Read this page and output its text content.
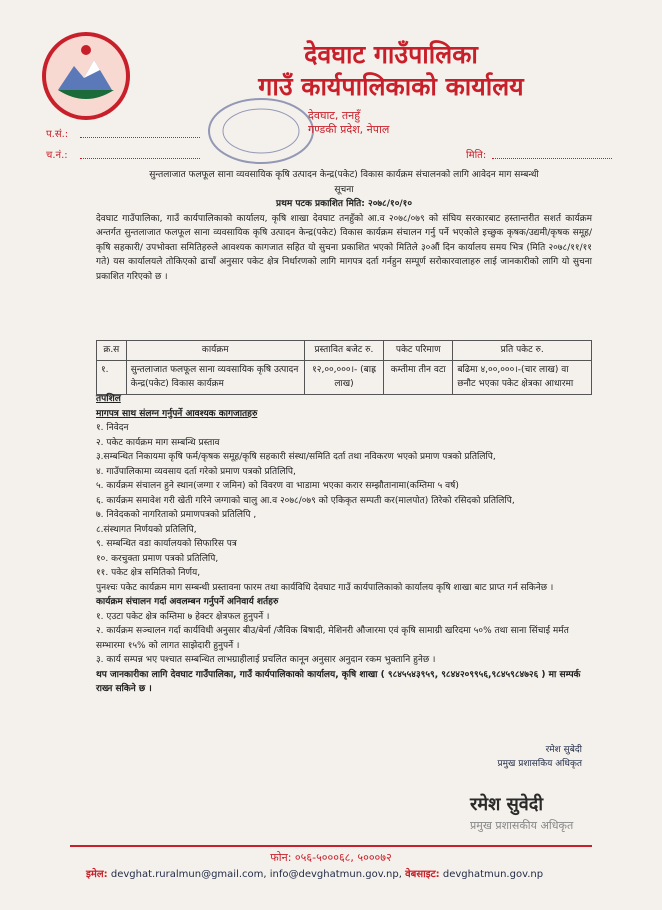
देवघाट गाउँपालिका
गाउँ कार्यपालिकाको कार्यालय
देवघाट, तनहुँ
गण्डकी प्रदेश, नेपाल
प.सं.:
च.नं.:	मिति:
सुन्तलाजात फलफूल साना व्यवसायिक कृषि उत्पादन केन्द्र(पकेट) विकास कार्यक्रम संचालनको लागि आवेदन माग सम्बन्धी
सूचना
प्रथम पटक प्रकाशित मिति: २०७८/१०/१०
देवघाट गाउँपालिका, गाउँ कार्यपालिकाको कार्यालय, कृषि शाखा देवघाट तनहुँको आ.व २०७८/०७९ को संघिय सरकारबाट हस्तान्तरीत सशर्त कार्यक्रम अन्तर्गत सुन्तलाजात फलफूल साना व्यवसायिक कृषि उत्पादन केन्द्र(पकेट) विकास कार्यक्रम संचालन गर्नु पर्ने भएकोले इच्छुक कृषक/उद्यमी/कृषक समूह/कृषि सहकारी/ उपभोक्ता समितिहरुले आवश्यक कागजात सहित यो सुचना प्रकाशित भएको मितिले ३०औं दिन कार्यालय समय भित्र (मिति २०७८/११/११ गते) यस कार्यालयले तोकिएको ढाचाँ अनुसार पकेट क्षेत्र निर्धारणको लागि मागपत्र दर्ता गर्नहुन सम्पूर्ण सरोकारवालाहरु लाई जानकारीको लागि यो सुचना प्रकाशित गरिएको छ ।
क्र.स	कार्यक्रम	प्रस्तावित बजेट रु.	पकेट परिमाण	प्रति पकेट रु.
१.	सुन्तलाजात फलफूल साना व्यवसायिक कृषि उत्पादन केन्द्र(पकेट) विकास कार्यक्रम	१२,००,०००।- (बाह्र लाख)	कम्तीमा तीन वटा	बढिमा ४,००,०००।-(चार लाख) वा छनौट भएका पकेट क्षेत्रका आधारमा
तपशिल
मागपत्र साथ संलग्न गर्नुपर्ने आवश्यक कागजातहरु
१. निवेदन
२. पकेट कार्यक्रम माग सम्बन्धि प्रस्ताव
३.सम्बन्धित निकायमा कृषि फर्म/कृषक समूह/कृषि सहकारी संस्था/समिति दर्ता तथा नविकरण भएको प्रमाण पत्रको प्रतिलिपि,
४. गाउँपालिकामा व्यवसाय दर्ता गरेको प्रमाण पत्रको प्रतिलिपि,
५. कार्यक्रम संचालन हुने स्थान(जग्गा र जमिन) को विवरण वा भाडामा भएका करार सम्झौतानामा(कम्तिमा ५ वर्ष)
६. कार्यक्रम समावेश गरी खेती गरिने जग्गाको चालु आ.व २०७८/०७९ को एकिकृत सम्पती कर(मालपोत) तिरेको रसिदको प्रतिलिपि,
७. निवेदकको नागरिताको प्रमाणपत्रको प्रतिलिपि ,
८.संस्थागत निर्णयको प्रतिलिपि,
९. सम्बन्धित वडा कार्यालयको सिफारिस पत्र
१०. करचुक्ता प्रमाण पत्रको प्रतिलिपि,
११. पकेट क्षेत्र समितिको निर्णय,
पुनश्चः पकेट कार्यक्रम माग सम्बन्धी प्रस्तावना फारम तथा कार्यविधि देवघाट गाउँ कार्यपालिकाको कार्यालय कृषि शाखा बाट प्राप्त गर्न सकिनेछ ।
कार्यक्रम संचालन गर्दा अवलम्बन गर्नुपर्ने अनिवार्य शर्तहरु
१. एउटा पकेट क्षेत्र कम्तिमा ७ हेक्टर क्षेत्रफल हुनुपर्ने ।
२. कार्यक्रम सञ्चालन गर्दा कार्यविधी अनुसार बीउ/बेर्ना /जैविक बिषादी, मेशिनरी औजारमा एवं कृषि सामाग्री खरिदमा ५०% तथा साना सिंचाई मर्मत सम्भारमा १५% को लागत साझेदारी हुनुपर्ने ।
३. कार्य सम्पन्न भए पश्चात सम्बन्धित लाभग्राहीलाई प्रचलित कानून अनुसार अनुदान रकम भुक्तानि हुनेछ ।
थप जानकारीका लागि देवघाट गाउँपालिका, गाउँ कार्यपालिकाको कार्यालय, कृषि शाखा ( ९८४५५४३९५९, ९८४४२०९९५६,९८४५९८४७२६ ) मा सम्पर्क राख्न सकिने छ ।
रमेश सुबेदी
प्रमुख प्रशासकिय अधिकृत
रमेश सुवेदी
प्रमुख प्रशासकीय अधिकृत
फोन: ०५६-५०००६८, ५०००७२
इमेल: devghat.ruralmun@gmail.com, info@devghatmun.gov.np, वेबसाइट: devghatmun.gov.np
